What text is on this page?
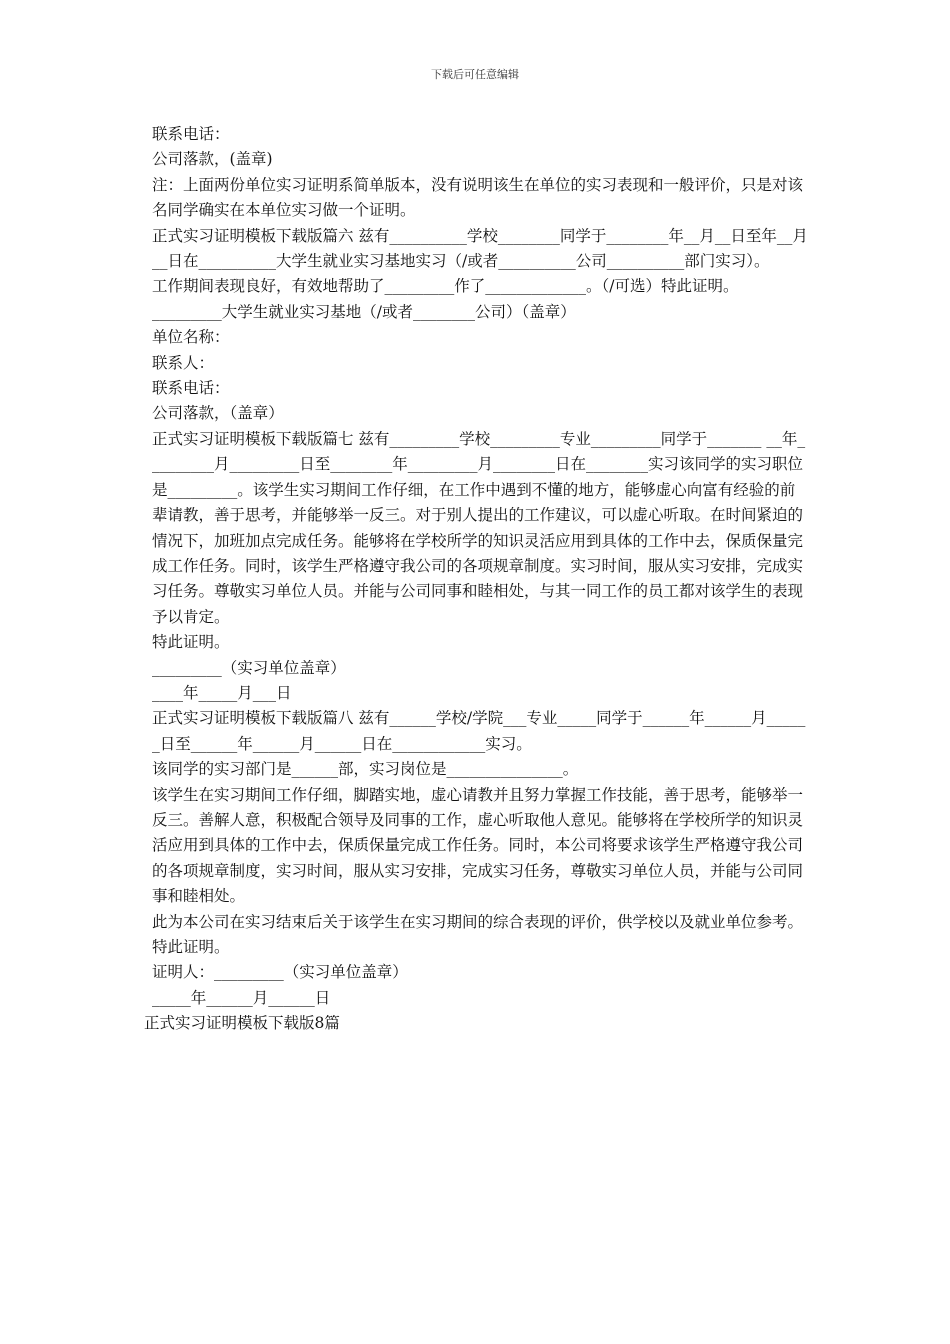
下载后可任意编辑

联系电话：

公司落款，(盖章)

注：上面两份单位实习证明系简单版本，没有说明该生在单位的实习表现和一般评价，只是对该名同学确实在本单位实习做一个证明。

正式实习证明模板下载版篇六 兹有__________学校________同学于________年__月__日至年__月__日在__________大学生就业实习基地实习（/或者__________公司__________部门实习）。

工作期间表现良好，有效地帮助了_________作了_____________。（/可选）特此证明。

_________大学生就业实习基地（/或者________公司）（盖章）

单位名称：

联系人：

联系电话：

公司落款，（盖章）

正式实习证明模板下载版篇七 兹有_________学校_________专业_________同学于_______ __年_________月_________日至________年_________月________日在________实习该同学的实习职位是_________。该学生实习期间工作仔细，在工作中遇到不懂的地方，能够虚心向富有经验的前辈请教，善于思考，并能够举一反三。对于别人提出的工作建议，可以虚心听取。在时间紧迫的情况下，加班加点完成任务。能够将在学校所学的知识灵活应用到具体的工作中去，保质保量完成工作任务。同时，该学生严格遵守我公司的各项规章制度。实习时间，服从实习安排，完成实习任务。尊敬实习单位人员。并能与公司同事和睦相处，与其一同工作的员工都对该学生的表现予以肯定。

特此证明。

_________（实习单位盖章）

____年_____月___日

正式实习证明模板下载版篇八 兹有______学校/学院___专业_____同学于______年______月______日至______年______月______日在____________实习。

该同学的实习部门是______部，实习岗位是_______________。

该学生在实习期间工作仔细，脚踏实地，虚心请教并且努力掌握工作技能，善于思考，能够举一反三。善解人意，积极配合领导及同事的工作，虚心听取他人意见。能够将在学校所学的知识灵活应用到具体的工作中去，保质保量完成工作任务。同时，本公司将要求该学生严格遵守我公司的各项规章制度，实习时间，服从实习安排，完成实习任务，尊敬实习单位人员，并能与公司同事和睦相处。

此为本公司在实习结束后关于该学生在实习期间的综合表现的评价，供学校以及就业单位参考。

特此证明。

证明人：_________（实习单位盖章）

_____年______月______日

正式实习证明模板下载版8篇
